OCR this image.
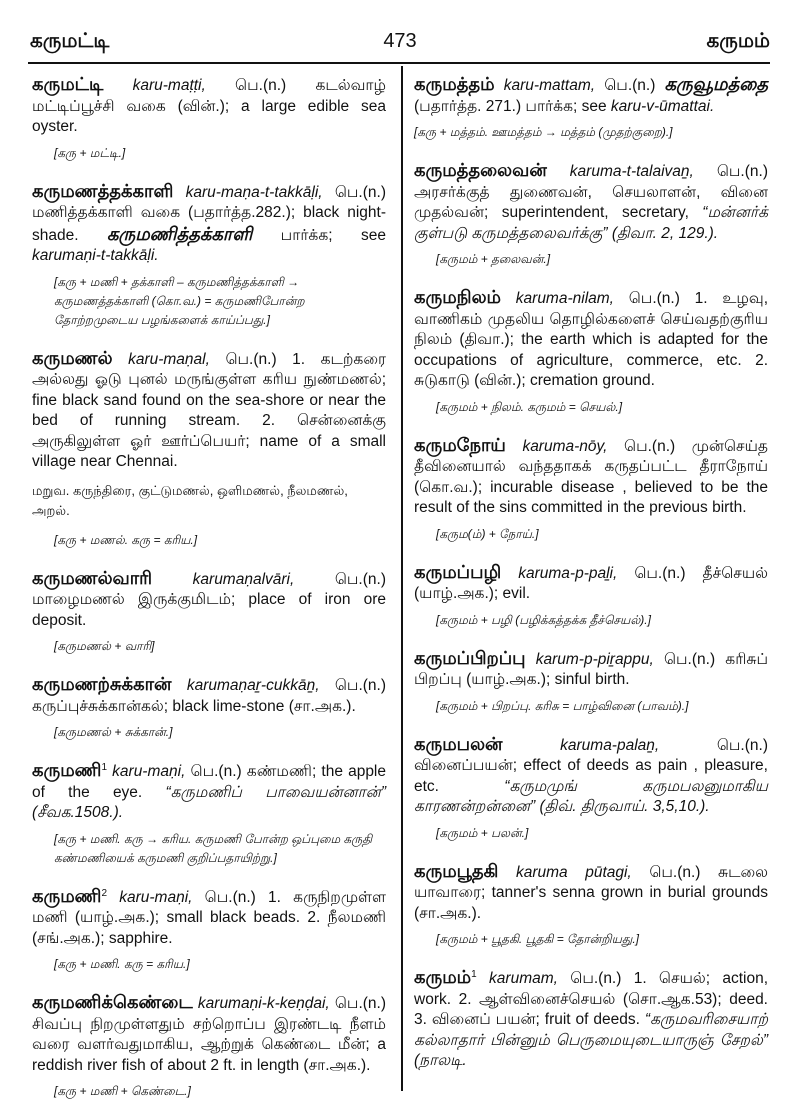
கருமட்டி	473	கருமம்
கருமட்டி karu-maṭṭi, பெ.(n.) கடல்வாழ் மட்டிப்பூச்சி வகை (வின்.); a large edible sea oyster.
[கரு + மட்டி.]
கருமணத்தக்காளி karu-maṇa-t-takkāḷi, பெ.(n.) மணித்தக்காளி வகை (பதார்த்த.282.); black night-shade. கருமணித்தக்காளி பார்க்க; see karumaṇi-t-takkāḷi.
[கரு + மணி + தக்காளி – கருமணித்தக்காளி → கருமணத்தக்காளி (கொ.வ.) = கருமணிபோன்ற தோற்றமுடைய பழங்களைக் காய்ப்பது.]
கருமணல் karu-maṇal, பெ.(n.) 1. கடற்கரை அல்லது ஓடு புனல் மருங்குள்ள கரிய நுண்மணல்; fine black sand found on the sea-shore or near the bed of running stream. 2. சென்னைக்கு அருகிலுள்ள ஓர் ஊர்ப்பெயர்; name of a small village near Chennai.
மறுவ. கருந்திரை, குட்டுமணல், ஒளிமணல், நீலமணல், அறல்.
[கரு + மணல். கரு = கரிய.]
கருமணல்வாரி	karumaṇalvāri, பெ.(n.) மாழைமணல் இருக்குமிடம்; place of iron ore deposit.
[கருமணல் + வாரி]
கருமணற்சுக்கான் karumaṇaṟ-cukkāṉ, பெ.(n.) கருப்புச்சுக்கான்கல்; black lime-stone (சா.அக.).
[கருமணல் + சுக்கான்.]
கருமணி$^1$ karu-maṇi, பெ.(n.) கண்மணி; the apple of the eye. “கருமணிப் பாவையன்னான்” (சீவக.1508.).
[கரு + மணி. கரு → கரிய. கருமணி போன்ற ஒப்புமை கருதி கண்மணியைக் கருமணி குறிப்பதாயிற்று.]
கருமணி$^2$ karu-maṇi, பெ.(n.) 1. கருநிறமுள்ள மணி (யாழ்.அக.); small black beads. 2. நீலமணி (சங்.அக.); sapphire.
[கரு + மணி. கரு = கரிய.]
கருமணிக்கெண்டை karumaṇi-k-keṇḍai, பெ.(n.) சிவப்பு நிறமுள்ளதும் சற்றொப்ப இரண்டடி நீளம் வரை வளர்வதுமாகிய, ஆற்றுக் கெண்டை மீன்; a reddish river fish of about 2 ft. in length (சா.அக.).
[கரு + மணி + கெண்டை.]
கருமத்தம் karu-mattam, பெ.(n.) கருவூமத்தை (பதார்த்த. 271.) பார்க்க; see karu-v-ūmattai.
[கரு + மத்தம். ஊமத்தம் → மத்தம் (முதற்குறை).]
கருமத்தலைவன் karuma-t-talaivaṉ, பெ.(n.) அரசர்க்குத் துணைவன், செயலாளன், வினை முதல்வன்; superintendent, secretary, “மன்னர்க் குள்படு கருமத்தலைவர்க்கு” (திவா. 2, 129.).
[கருமம் + தலைவன்.]
கருமநிலம் karuma-nilam, பெ.(n.) 1. உழவு, வாணிகம் முதலிய தொழில்களைச் செய்வதற்குரிய நிலம் (திவா.); the earth which is adapted for the occupations of agriculture, commerce, etc. 2. சுடுகாடு (வின்.); cremation ground.
[கருமம் + நிலம். கருமம் = செயல்.]
கருமநோய் karuma-nōy, பெ.(n.) முன்செய்த தீவினையால் வந்ததாகக் கருதப்பட்ட தீராநோய் (கொ.வ.); incurable disease , believed to be the result of the sins committed in the previous birth.
[கரும(ம்) + நோய்.]
கருமப்பழி karuma-p-paḻi, பெ.(n.) தீச்செயல் (யாழ்.அக.); evil.
[கருமம் + பழி (பழிக்கத்தக்க தீச்செயல்).]
கருமப்பிறப்பு karum-p-piṟappu, பெ.(n.) கரிசுப் பிறப்பு (யாழ்.அக.); sinful birth.
[கருமம் + பிறப்பு. கரிசு = பாழ்வினை (பாவம்).]
கருமபலன்	karuma-palaṉ, பெ.(n.) வினைப்பயன்; effect of deeds as pain , pleasure, etc. “கருமமுங் கருமபலனுமாகிய காரணன்றன்னை” (திவ். திருவாய். 3,5,10.).
[கருமம் + பலன்.]
கருமபூதகி karuma pūtagi, பெ.(n.) சுடலை யாவாரை; tanner's senna grown in burial grounds (சா.அக.).
[கருமம் + பூதகி. பூதகி = தோன்றியது.]
கருமம்$^1$ karumam, பெ.(n.) 1. செயல்; action, work. 2. ஆள்வினைச்செயல் (சொ.ஆக.53); deed. 3. வினைப் பயன்; fruit of deeds. “கருமவரிசையாற் கல்லாதார் பின்னும் பெருமையுடையாருஞ் சேறல்” (நாலடி.
